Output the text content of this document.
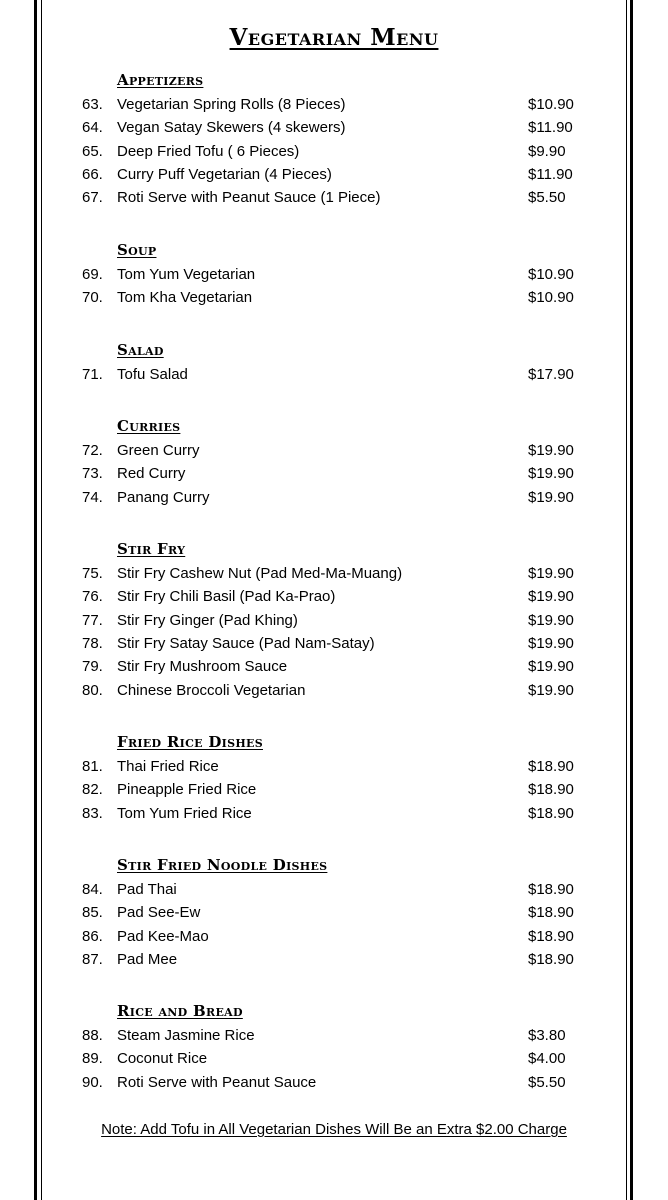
Vegetarian Menu
Appetizers
63. Vegetarian Spring Rolls (8 Pieces)	$10.90
64. Vegan Satay Skewers (4 skewers)	$11.90
65. Deep Fried Tofu ( 6 Pieces)	$9.90
66. Curry Puff Vegetarian (4 Pieces)	$11.90
67. Roti Serve with Peanut Sauce (1 Piece)	$5.50
Soup
69. Tom Yum Vegetarian	$10.90
70. Tom Kha Vegetarian	$10.90
Salad
71. Tofu Salad	$17.90
Curries
72. Green Curry	$19.90
73. Red Curry	$19.90
74. Panang Curry	$19.90
Stir Fry
75. Stir Fry Cashew Nut (Pad Med-Ma-Muang)	$19.90
76. Stir Fry Chili Basil (Pad Ka-Prao)	$19.90
77. Stir Fry Ginger (Pad Khing)	$19.90
78. Stir Fry Satay Sauce (Pad Nam-Satay)	$19.90
79. Stir Fry Mushroom Sauce	$19.90
80. Chinese Broccoli Vegetarian	$19.90
Fried Rice Dishes
81. Thai Fried Rice	$18.90
82. Pineapple Fried Rice	$18.90
83. Tom Yum Fried Rice	$18.90
Stir Fried Noodle Dishes
84. Pad Thai	$18.90
85. Pad See-Ew	$18.90
86. Pad Kee-Mao	$18.90
87. Pad Mee	$18.90
Rice and Bread
88. Steam Jasmine Rice	$3.80
89. Coconut Rice	$4.00
90. Roti Serve with Peanut Sauce	$5.50
Note: Add Tofu in All Vegetarian Dishes Will Be an Extra $2.00 Charge
